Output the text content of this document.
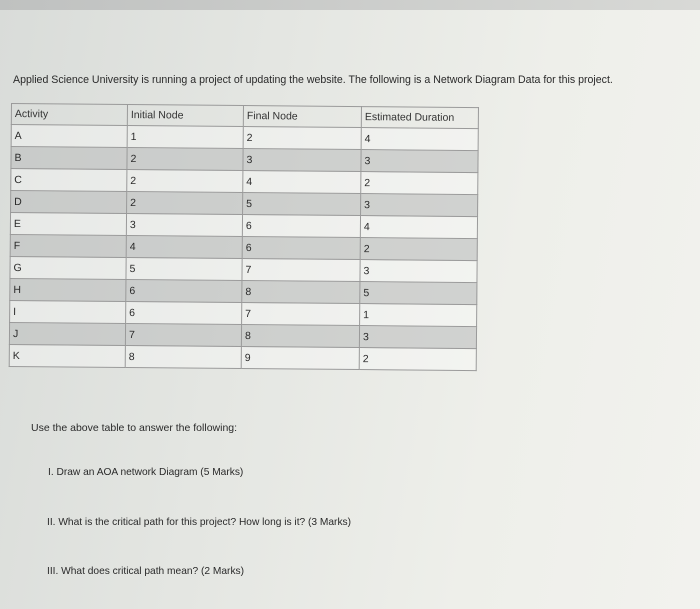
Applied Science University is running a project of updating the website. The following is a Network Diagram Data for this project.
Activity	Initial Node	Final Node	Estimated Duration
A	1	2	4
B	2	3	3
C	2	4	2
D	2	5	3
E	3	6	4
F	4	6	2
G	5	7	3
H	6	8	5
I	6	7	1
J	7	8	3
K	8	9	2
Use the above table to answer the following:
I. Draw an AOA network Diagram (5 Marks)
II. What is the critical path for this project? How long is it? (3 Marks)
III. What does critical path mean? (2 Marks)
